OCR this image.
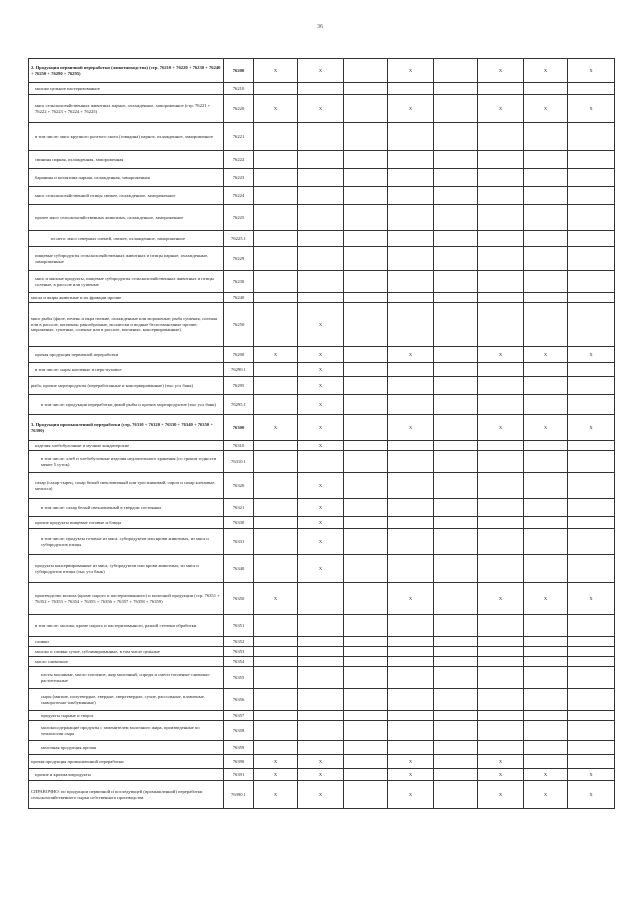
36
2. Продукция первичной переработки (животноводства) (стр. 76210 + 76220 + 76230 + 76240 + 76250 + 76290 + 76295)	76200	X	X		X		X	X	X
молоко цельное пастеризованное	76210								
мясо сельскохозяйственных животных парное, охлажденное, замороженное (стр. 76221 + 76222 + 76223 + 76224 + 76225)	76220	X	X		X		X	X	X
в том числе: мясо крупного рогатого скота (говядина) парное, охлажденное, замороженное	76221								
свинина парная, охлажденная, замороженная	76222								
баранина и козлятина парная, охлажденная, замороженная	76223								
мясо сельскохозяйственной птицы свежее, охлажденное, замороженное	76224								
прочее мясо сельскохозяйственных животных, охлажденное, замороженное	76225								
из него: мясо северных оленей, свежее, охлажденное, замороженное	76225.1								
пищевые субпродукты сельскохозяйственных животных и птицы парные, охлажденные, замороженные	76229								
мясо и мясные продукты, пищевые субпродукты сельскохозяйственных животных и птицы соленые, в рассоле или сушеные	76230								
масла и жиры животные и их фракции прочие	76240								
мясо рыбы (филе, печень и икра свежие, охлажденные или мороженые; рыба сушеная, соленая или в рассоле, копченая; ракообразные, моллюски и водные беспозвоночные прочие; мороженые, сушеные, соленые или в рассоле, копченые, консервированные)	76250		X						
прочая продукция первичной переработки	76290	X	X		X		X	X	X
в том числе: сыры копченые и перо-пуховое	76290.1		X						
рыба, прочие морепродукты (переработанные и консервированные) (тыс усл банк)	76295		X						
в том числе: продукция переработки дикой рыбы и прочих морепродуктов (тыс усл банк)	76295.1		X						
3. Продукция промышленной переработки (стр. 76310 + 76320 + 76330 + 76340 + 76350 + 76390)	76300	X	X		X		X	X	X
изделия хлебобулочные и мучные кондитерские	76310		X						
в том числе: хлеб и хлебобулочные изделия недлительного хранения (со сроком годности менее 5 суток)	76310.1								
сахар (сахар-сырец, сахар белый свекловичный или тростниковый, сироп и сахар кленовые, мелисса)	76320		X						
в том числе: сахар белый свекловичный в твердом состоянии	76321		X						
прочие продукты пищевые готовые и блюда	76330		X						
в том числе: продукты готовые из мяса, субпродуктов или крови животных, из мяса и субпродуктов птицы	76331		X						
продукты консервированные из мяса, субпродуктов или крови животных, из мяса и субпродуктов птицы (тыс усл банк)	76340		X						
производство молока (кроме сырого и пастеризованного) и молочной продукции (стр. 76351 + 76352 + 76353 + 76354 + 76355 + 76356 + 76357 + 76358 + 76359)	76350	X			X		X	X	X
в том числе: молоко, кроме сырого и пастеризованного, разной степени обработки	76351								
сливки	76352								
молоко и сливки сухие, сублимированные, в том числе цельные	76353								
масло сливочное	76354								
пасты масляные, масло топленое, жир молочный, спреды и смеси топленые сливочно-растительные	76355								
сыры (мягкие, полутвердые, твердые, сверхтвердые, сухие, рассольные, плавленые, сывороточно-альбуминные)	76356								
продукты сырные и творог	76357								
молокосодержащие продукты с заменителем молочного жира, произведенные по технологии сыра	76358								
молочная продукция прочая	76359								
прочая продукция промышленной переработки	76390	X	X		X		X		
прочие и крахмалопродукты	76391	X	X		X		X	X	X
СПРАВОЧНО: по продукции первичной и последующей (промышленной) переработки сельскохозяйственного сырья собственного производства	76390.1	X	X		X		X	X	X
